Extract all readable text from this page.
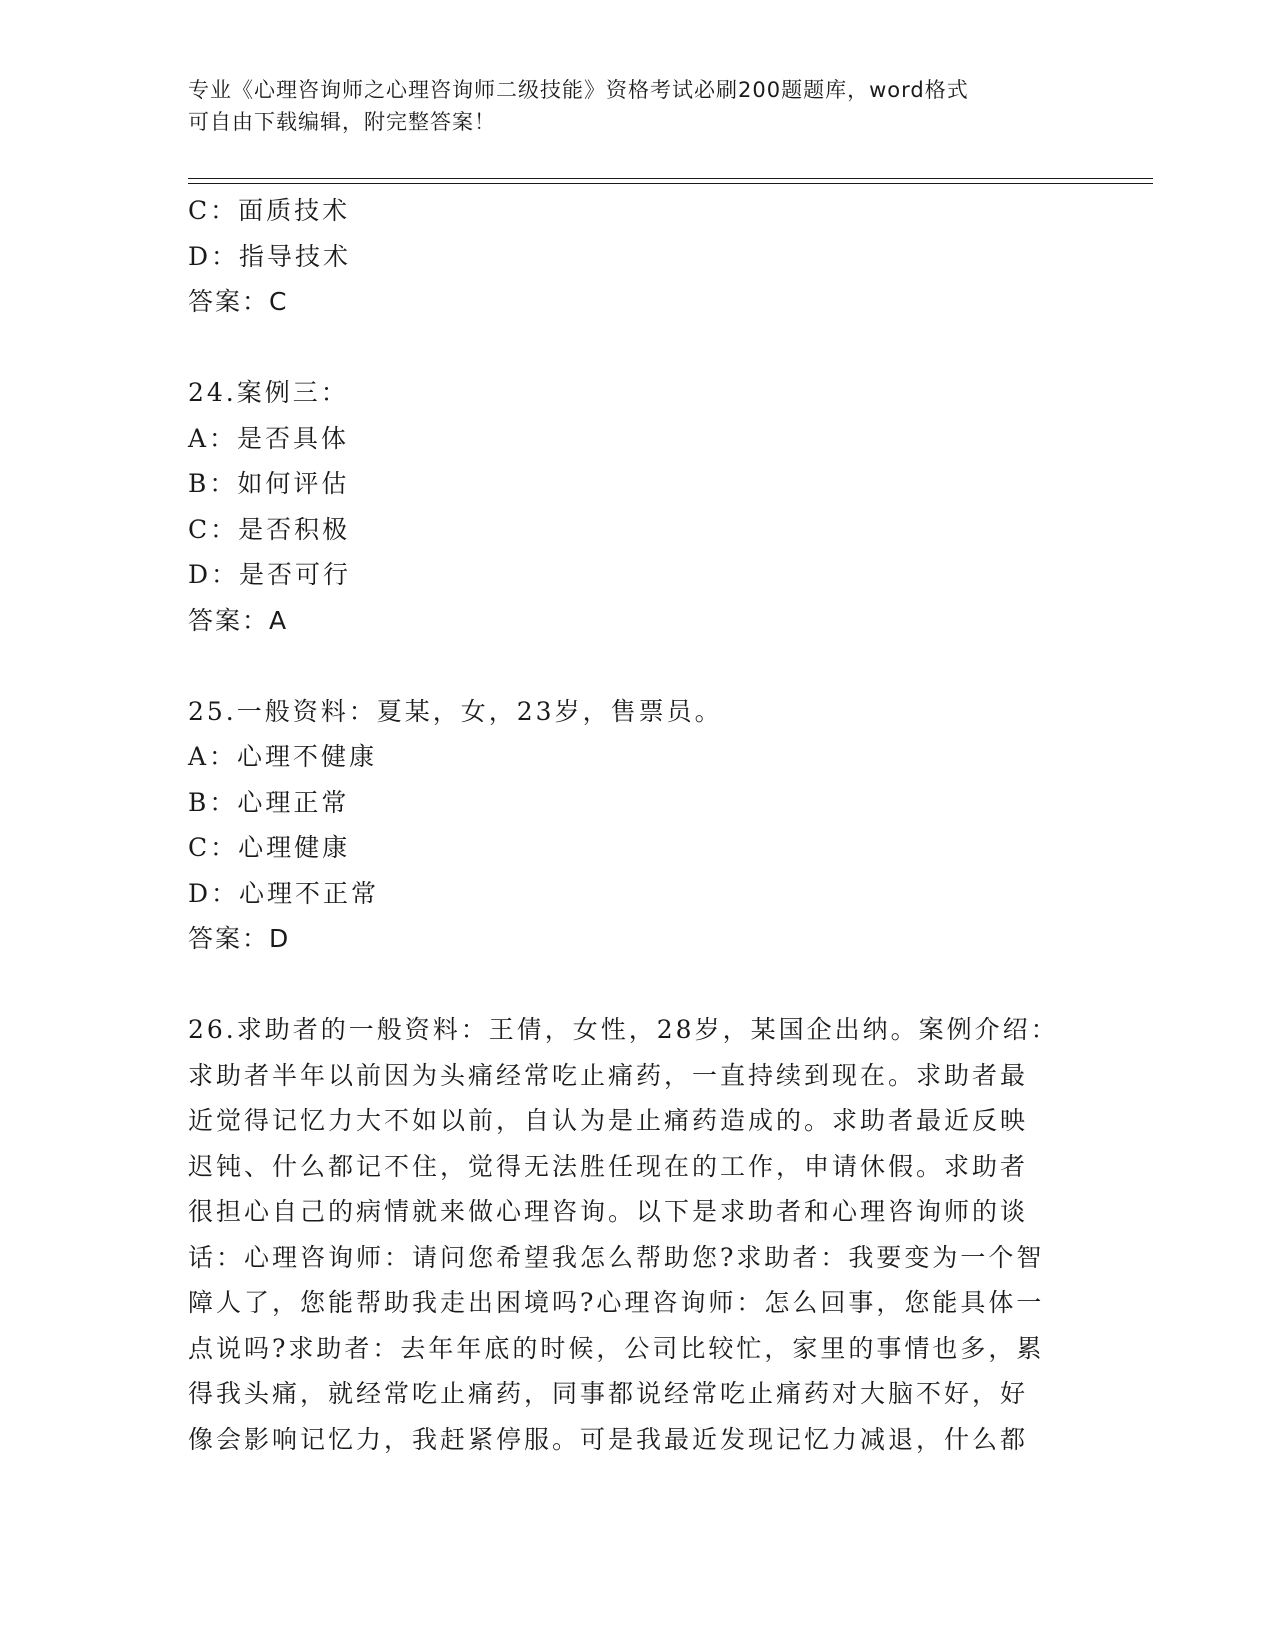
专业《心理咨询师之心理咨询师二级技能》资格考试必刷200题题库，word格式
可自由下载编辑，附完整答案！
C：面质技术
D：指导技术
答案：C
24.案例三：
A：是否具体
B：如何评估
C：是否积极
D：是否可行
答案：A
25.一般资料：夏某，女，23岁，售票员。
A：心理不健康
B：心理正常
C：心理健康
D：心理不正常
答案：D
26.求助者的一般资料：王倩，女性，28岁，某国企出纳。案例介绍：
求助者半年以前因为头痛经常吃止痛药，一直持续到现在。求助者最
近觉得记忆力大不如以前，自认为是止痛药造成的。求助者最近反映
迟钝、什么都记不住，觉得无法胜任现在的工作，申请休假。求助者
很担心自己的病情就来做心理咨询。以下是求助者和心理咨询师的谈
话：心理咨询师：请问您希望我怎么帮助您?求助者：我要变为一个智
障人了，您能帮助我走出困境吗?心理咨询师：怎么回事，您能具体一
点说吗?求助者：去年年底的时候，公司比较忙，家里的事情也多，累
得我头痛，就经常吃止痛药，同事都说经常吃止痛药对大脑不好，好
像会影响记忆力，我赶紧停服。可是我最近发现记忆力减退，什么都
